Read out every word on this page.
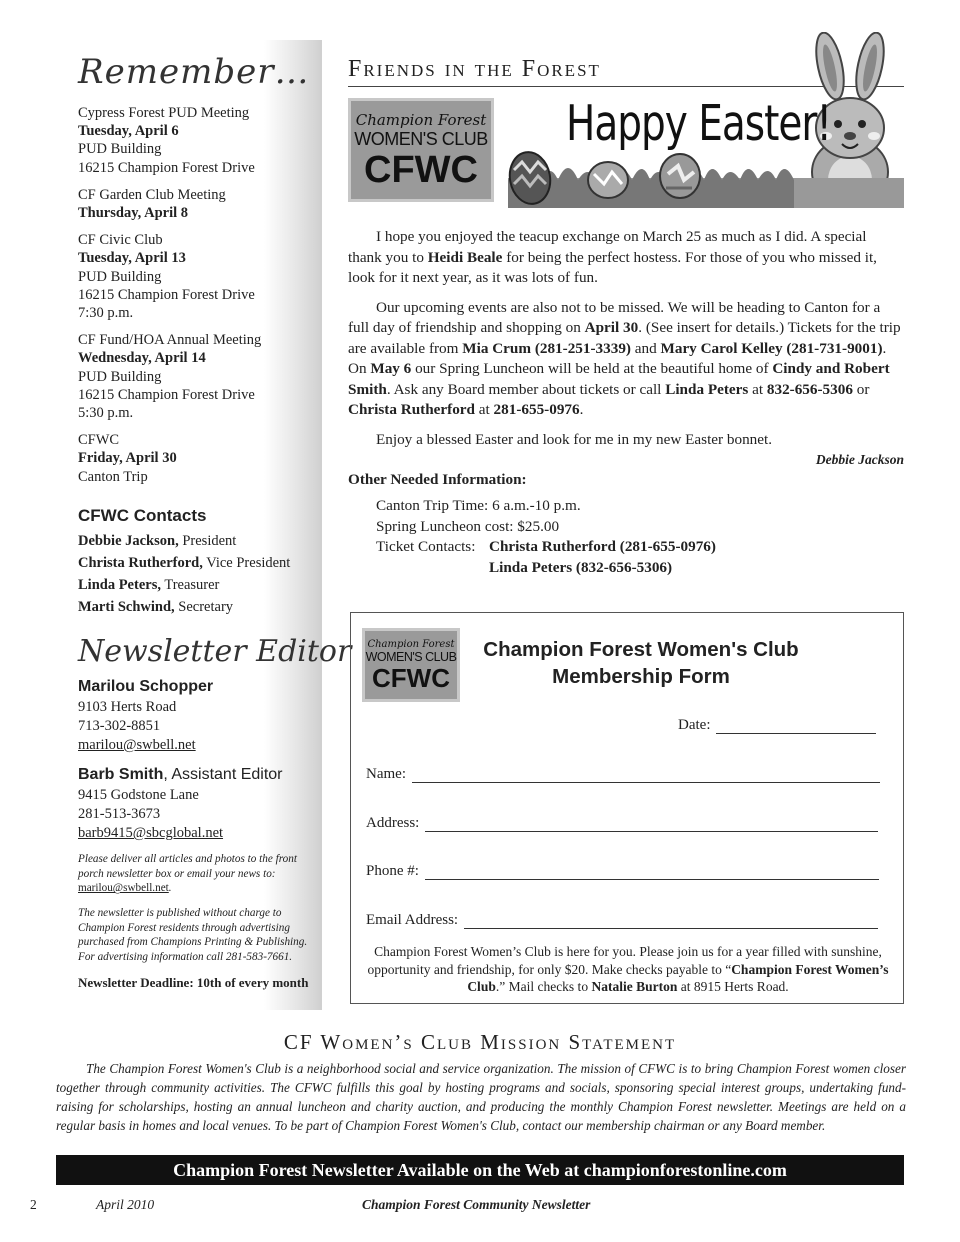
Remember…
Cypress Forest PUD Meeting
Tuesday, April 6
PUD Building
16215 Champion Forest Drive
CF Garden Club Meeting
Thursday, April 8
CF Civic Club
Tuesday, April 13
PUD Building
16215 Champion Forest Drive
7:30 p.m.
CF Fund/HOA Annual Meeting
Wednesday, April 14
PUD Building
16215 Champion Forest Drive
5:30 p.m.
CFWC
Friday, April 30
Canton Trip
CFWC Contacts
Debbie Jackson, President
Christa Rutherford, Vice President
Linda Peters, Treasurer
Marti Schwind, Secretary
Newsletter Editor
Marilou Schopper
9103 Herts Road
713-302-8851
marilou@swbell.net
Barb Smith, Assistant Editor
9415 Godstone Lane
281-513-3673
barb9415@sbcglobal.net
Please deliver all articles and photos to the front porch newsletter box or email your news to: marilou@swbell.net.
The newsletter is published without charge to Champion Forest residents through advertising purchased from Champions Printing & Publishing. For advertising information call 281-583-7661.
Newsletter Deadline: 10th of every month
Friends in the Forest
Champion Forest
WOMEN'S CLUB
CFWC
Happy Easter!

I hope you enjoyed the teacup exchange on March 25 as much as I did. A special thank you to Heidi Beale for being the perfect hostess. For those of you who missed it, look for it next year, as it was lots of fun.

Our upcoming events are also not to be missed. We will be heading to Canton for a full day of friendship and shopping on April 30. (See insert for details.) Tickets for the trip are available from Mia Crum (281-251-3339) and Mary Carol Kelley (281-731-9001). On May 6 our Spring Luncheon will be held at the beautiful home of Cindy and Robert Smith. Ask any Board member about tickets or call Linda Peters at 832-656-5306 or Christa Rutherford at 281-655-0976.

Enjoy a blessed Easter and look for me in my new Easter bonnet.

Debbie Jackson
Other Needed Information:
Canton Trip Time: 6 a.m.-10 p.m.
Spring Luncheon cost: $25.00
Ticket Contacts: Christa Rutherford (281-655-0976)
Linda Peters (832-656-5306)
Champion Forest
WOMEN'S CLUB
CFWC
Champion Forest Women's Club
Membership Form
Date:
Name:
Address:
Phone #:
Email Address:
Champion Forest Women’s Club is here for you. Please join us for a year filled with sunshine, opportunity and friendship, for only $20. Make checks payable to “Champion Forest Women’s Club.” Mail checks to Natalie Burton at 8915 Herts Road.
CF Women’s Club Mission Statement
The Champion Forest Women's Club is a neighborhood social and service organization. The mission of CFWC is to bring Champion Forest women closer together through community activities. The CFWC fulfills this goal by hosting programs and socials, sponsoring special interest groups, undertaking fund-raising for scholarships, hosting an annual luncheon and charity auction, and producing the monthly Champion Forest newsletter. Meetings are held on a regular basis in homes and local venues. To be part of Champion Forest Women's Club, contact our membership chairman or any Board member.
Champion Forest Newsletter Available on the Web at championforestonline.com
2	April 2010	Champion Forest Community Newsletter
